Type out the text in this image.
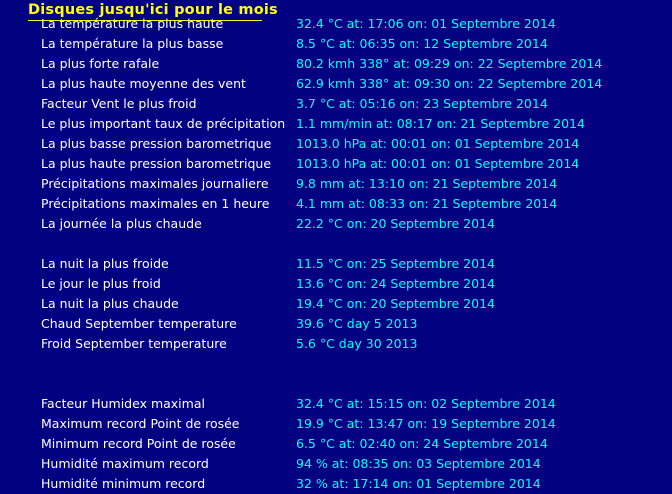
Disques jusqu'ici pour le mois
La température la plus haute	32.4 °C at: 17:06 on: 01 Septembre 2014
La température la plus basse	8.5 °C at: 06:35 on: 12 Septembre 2014
La plus forte rafale	80.2 kmh 338° at: 09:29 on: 22 Septembre 2014
La plus haute moyenne des vent	62.9 kmh 338° at: 09:30 on: 22 Septembre 2014
Facteur Vent le plus froid	3.7 °C at: 05:16 on: 23 Septembre 2014
Le plus important taux de précipitation 1.1 mm/min at: 08:17 on: 21 Septembre 2014
La plus basse pression barometrique 1013.0 hPa at: 00:01 on: 01 Septembre 2014
La plus haute pression barometrique 1013.0 hPa at: 00:01 on: 01 Septembre 2014
Précipitations maximales journaliere 9.8 mm at: 13:10 on: 21 Septembre 2014
Précipitations maximales en 1 heure 4.1 mm at: 08:33 on: 21 Septembre 2014
La journée la plus chaude	22.2 °C on: 20 Septembre 2014
La nuit la plus froide	11.5 °C on: 25 Septembre 2014
Le jour le plus froid	13.6 °C on: 24 Septembre 2014
La nuit la plus chaude	19.4 °C on: 20 Septembre 2014
Chaud September temperature	39.6 °C day 5 2013
Froid September temperature	5.6 °C day 30 2013
Facteur Humidex maximal	32.4 °C at: 15:15 on: 02 Septembre 2014
Maximum record Point de rosée	19.9 °C at: 13:47 on: 19 Septembre 2014
Minimum record Point de rosée	6.5 °C at: 02:40 on: 24 Septembre 2014
Humidité maximum record	94 % at: 08:35 on: 03 Septembre 2014
Humidité minimum record	32 % at: 17:14 on: 01 Septembre 2014
